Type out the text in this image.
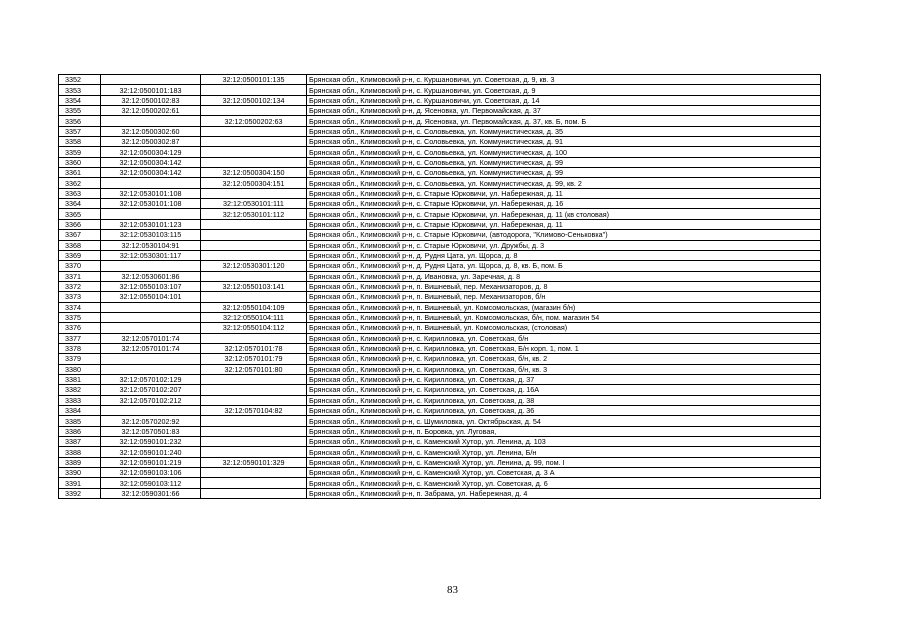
3352		32:12:0500101:135	Брянская обл., Климовский р-н, с. Куршановичи, ул. Советская, д. 9, кв. 3
3353	32:12:0500101:183		Брянская обл., Климовский р-н, с. Куршановичи, ул. Советская, д. 9
3354	32:12:0500102:83	32:12:0500102:134	Брянская обл., Климовский р-н, с. Куршановичи, ул. Советская, д. 14
3355	32:12:0500202:61		Брянская обл., Климовский р-н, д. Ясеновка, ул. Первомайская, д. 37
3356		32:12:0500202:63	Брянская обл., Климовский р-н, д. Ясеновка, ул. Первомайская, д. 37, кв. Б, пом. Б
3357	32:12:0500302:60		Брянская обл., Климовский р-н, с. Соловьевка, ул. Коммунистическая, д. 35
3358	32:12:0500302:87		Брянская обл., Климовский р-н, с. Соловьевка, ул. Коммунистическая, д. 91
3359	32:12:0500304:129		Брянская обл., Климовский р-н, с. Соловьевка, ул. Коммунистическая, д. 100
3360	32:12:0500304:142		Брянская обл., Климовский р-н, с. Соловьевка, ул. Коммунистическая, д. 99
3361	32:12:0500304:142	32:12:0500304:150	Брянская обл., Климовский р-н, с. Соловьевка, ул. Коммунистическая, д. 99
3362		32:12:0500304:151	Брянская обл., Климовский р-н, с. Соловьевка, ул. Коммунистическая, д. 99, кв. 2
3363	32:12:0530101:108		Брянская обл., Климовский р-н, с. Старые Юрковичи, ул. Набережная, д. 11
3364	32:12:0530101:108	32:12:0530101:111	Брянская обл., Климовский р-н, с. Старые Юрковичи, ул. Набережная, д. 16
3365		32:12:0530101:112	Брянская обл., Климовский р-н, с. Старые Юрковичи, ул. Набережная, д. 11 (кв столовая)
3366	32:12:0530101:123		Брянская обл., Климовский р-н, с. Старые Юрковичи, ул. Набережная, д. 11
3367	32:12:0530103:115		Брянская обл., Климовский р-н, с. Старые Юрковичи, (автодорога, "Климово-Сеньковка")
3368	32:12:0530104:91		Брянская обл., Климовский р-н, с. Старые Юрковичи, ул. Дружбы, д. 3
3369	32:12:0530301:117		Брянская обл., Климовский р-н, д. Рудня Цата, ул. Щорса, д. 8
3370		32:12:0530301:120	Брянская обл., Климовский р-н, д. Рудня Цата, ул. Щорса, д. 8, кв. Б, пом. Б
3371	32:12:0530601:86		Брянская обл., Климовский р-н, д. Ивановка, ул. Заречная, д. 8
3372	32:12:0550103:107	32:12:0550103:141	Брянская обл., Климовский р-н, п. Вишневый, пер. Механизаторов, д. 8
3373	32:12:0550104:101		Брянская обл., Климовский р-н, п. Вишневый, пер. Механизаторов, б/н
3374		32:12:0550104:109	Брянская обл., Климовский р-н, п. Вишневый, ул. Комсомольская, (магазин б/н)
3375		32:12:0550104:111	Брянская обл., Климовский р-н, п. Вишневый, ул. Комсомольская, б/н, пом. магазин 54
3376		32:12:0550104:112	Брянская обл., Климовский р-н, п. Вишневый, ул. Комсомольская, (столовая)
3377	32:12:0570101:74		Брянская обл., Климовский р-н, с. Кирилловка, ул. Советская, б/н
3378	32:12:0570101:74	32:12:0570101:78	Брянская обл., Климовский р-н, с. Кирилловка, ул. Советская, Б/н корп. 1, пом. 1
3379		32:12:0570101:79	Брянская обл., Климовский р-н, с. Кирилловка, ул. Советская, б/н, кв. 2
3380		32:12:0570101:80	Брянская обл., Климовский р-н, с. Кирилловка, ул. Советская, б/н, кв. 3
3381	32:12:0570102:129		Брянская обл., Климовский р-н, с. Кирилловка, ул. Советская, д. 37
3382	32:12:0570102:207		Брянская обл., Климовский р-н, с. Кирилловка, ул. Советская, д. 16А
3383	32:12:0570102:212		Брянская обл., Климовский р-н, с. Кирилловка, ул. Советская, д. 38
3384		32:12:0570104:82	Брянская обл., Климовский р-н, с. Кирилловка, ул. Советская, д. 36
3385	32:12:0570202:92		Брянская обл., Климовский р-н, с. Шумиловка, ул. Октябрьская, д. 54
3386	32:12:0570501:83		Брянская обл., Климовский р-н, п. Боровка, ул. Луговая,
3387	32:12:0590101:232		Брянская обл., Климовский р-н, с. Каменский Хутор, ул. Ленина, д. 103
3388	32:12:0590101:240		Брянская обл., Климовский р-н, с. Каменский Хутор, ул. Ленина, Б/н
3389	32:12:0590101:219	32:12:0590101:329	Брянская обл., Климовский р-н, с. Каменский Хутор, ул. Ленина, д. 99, пом. I
3390	32:12:0590103:106		Брянская обл., Климовский р-н, с. Каменский Хутор, ул. Советская, д. 3 А
3391	32:12:0590103:112		Брянская обл., Климовский р-н, с. Каменский Хутор, ул. Советская, д. 6
3392	32:12:0590301:66		Брянская обл., Климовский р-н, п. Забрама, ул. Набережная, д. 4
83
